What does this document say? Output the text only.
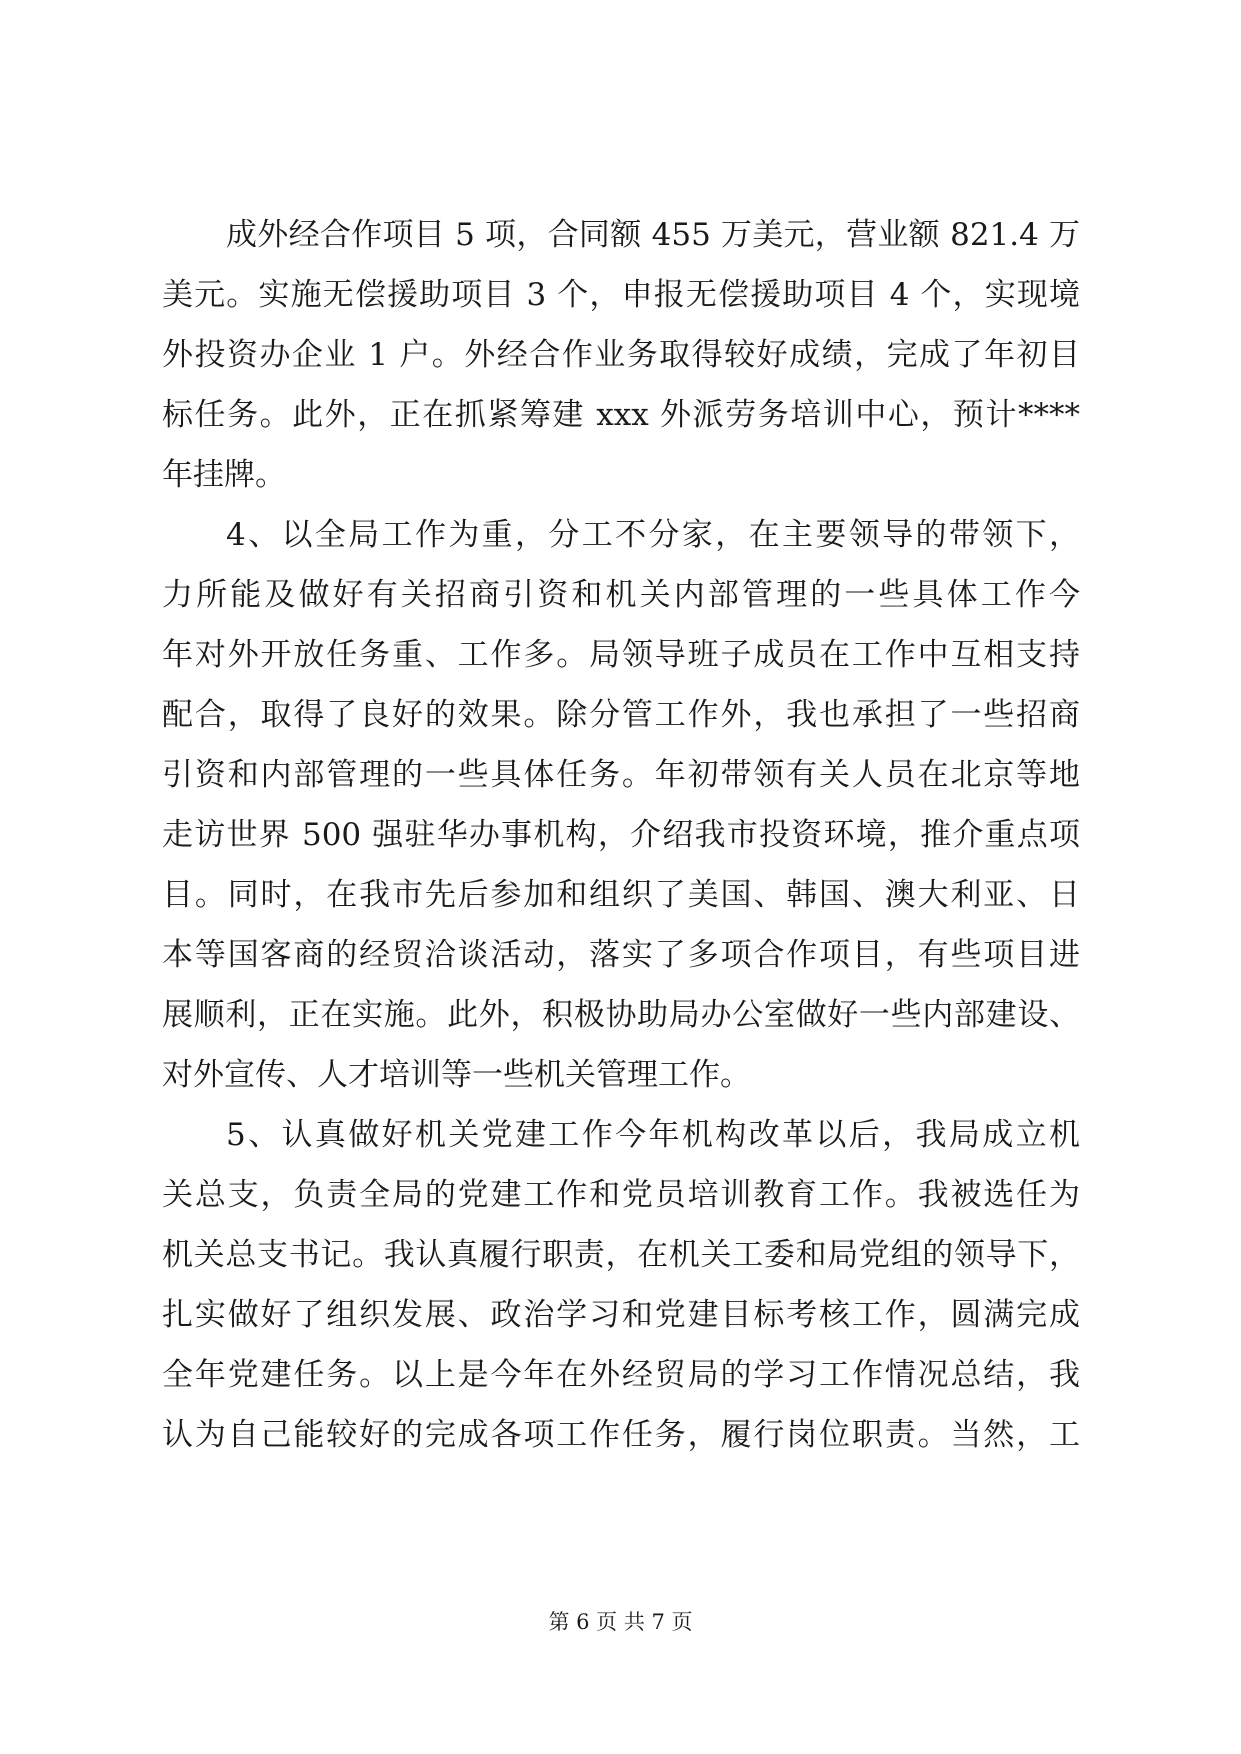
成外经合作项目 5 项，合同额 455 万美元，营业额 821.4 万
美元。实施无偿援助项目 3 个，申报无偿援助项目 4 个，实现境
外投资办企业 1 户。外经合作业务取得较好成绩，完成了年初目
标任务。此外，正在抓紧筹建 xxx 外派劳务培训中心，预计****
年挂牌。
4、以全局工作为重，分工不分家，在主要领导的带领下，
力所能及做好有关招商引资和机关内部管理的一些具体工作今
年对外开放任务重、工作多。局领导班子成员在工作中互相支持
配合，取得了良好的效果。除分管工作外，我也承担了一些招商
引资和内部管理的一些具体任务。年初带领有关人员在北京等地
走访世界 500 强驻华办事机构，介绍我市投资环境，推介重点项
目。同时，在我市先后参加和组织了美国、韩国、澳大利亚、日
本等国客商的经贸洽谈活动，落实了多项合作项目，有些项目进
展顺利，正在实施。此外，积极协助局办公室做好一些内部建设、
对外宣传、人才培训等一些机关管理工作。
5、认真做好机关党建工作今年机构改革以后，我局成立机
关总支，负责全局的党建工作和党员培训教育工作。我被选任为
机关总支书记。我认真履行职责，在机关工委和局党组的领导下，
扎实做好了组织发展、政治学习和党建目标考核工作，圆满完成
全年党建任务。以上是今年在外经贸局的学习工作情况总结，我
认为自己能较好的完成各项工作任务，履行岗位职责。当然，工
第 6 页 共 7 页
